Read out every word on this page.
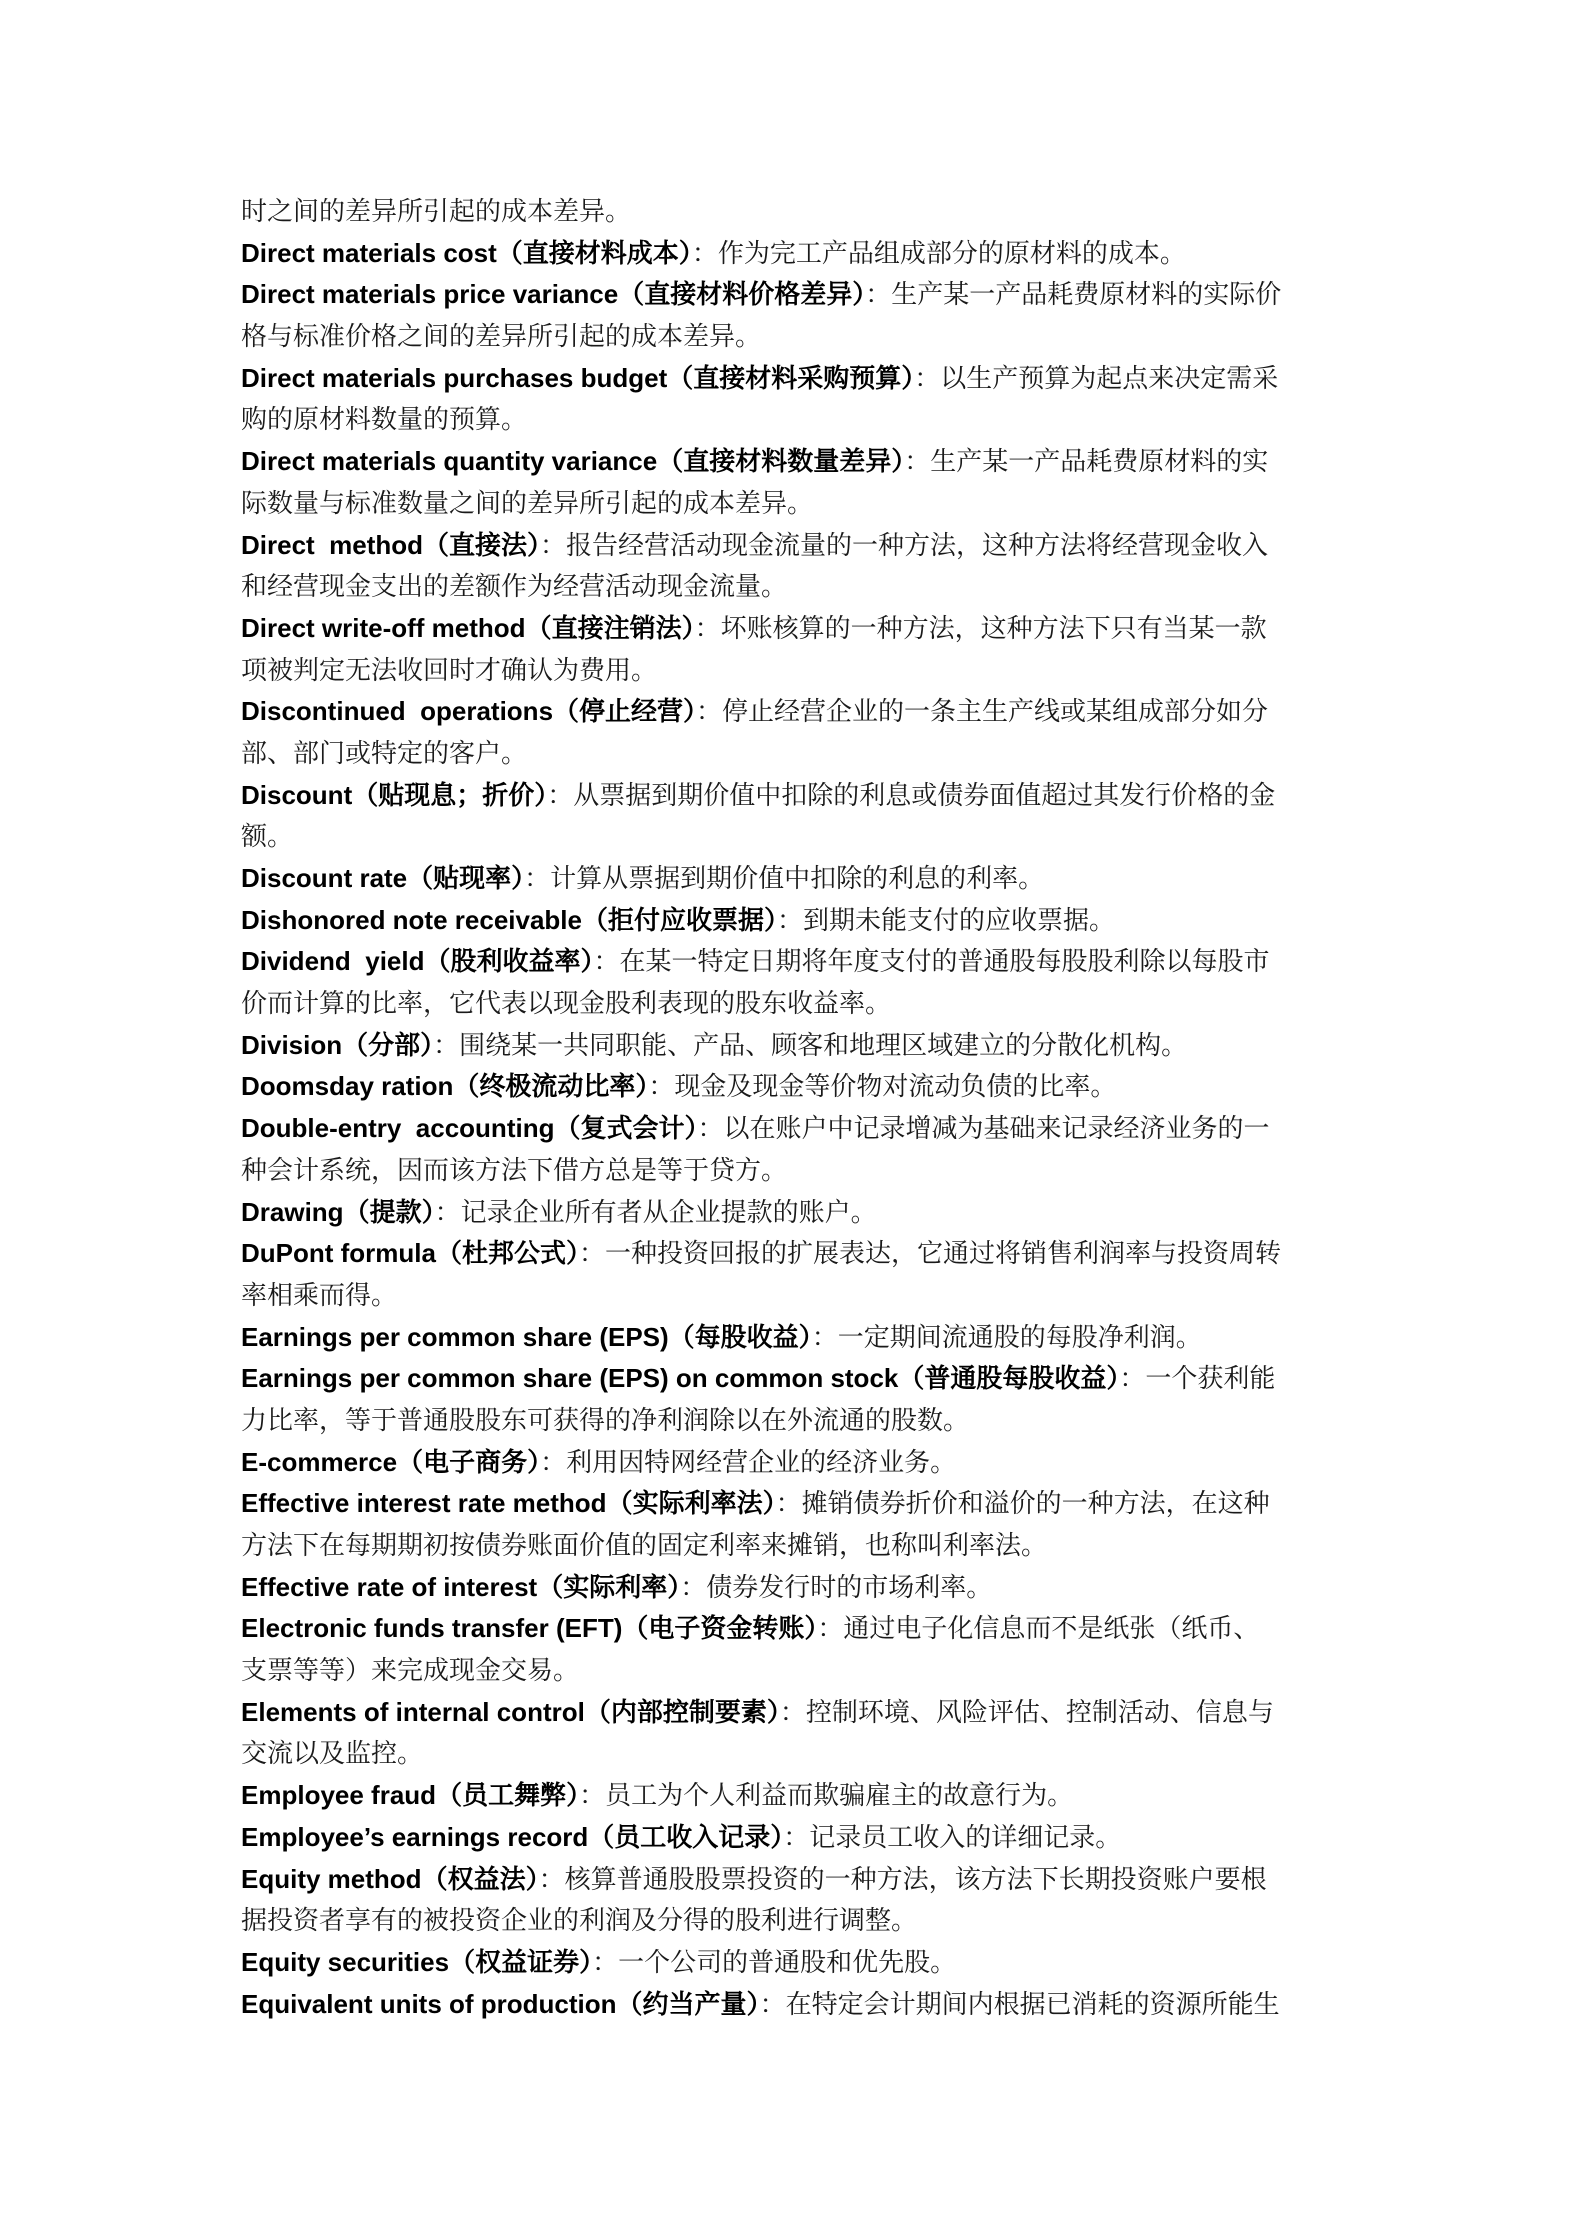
时之间的差异所引起的成本差异。
Direct materials cost（直接材料成本）：作为完工产品组成部分的原材料的成本。
Direct materials price variance（直接材料价格差异）：生产某一产品耗费原材料的实际价
格与标准价格之间的差异所引起的成本差异。
Direct materials purchases budget（直接材料采购预算）：以生产预算为起点来决定需采
购的原材料数量的预算。
Direct materials quantity variance（直接材料数量差异）：生产某一产品耗费原材料的实
际数量与标准数量之间的差异所引起的成本差异。
Direct  method（直接法）：报告经营活动现金流量的一种方法，这种方法将经营现金收入
和经营现金支出的差额作为经营活动现金流量。
Direct write-off method（直接注销法）：坏账核算的一种方法，这种方法下只有当某一款
项被判定无法收回时才确认为费用。
Discontinued  operations（停止经营）：停止经营企业的一条主生产线或某组成部分如分
部、部门或特定的客户。
Discount（贴现息；折价）：从票据到期价值中扣除的利息或债券面值超过其发行价格的金
额。
Discount rate（贴现率）：计算从票据到期价值中扣除的利息的利率。
Dishonored note receivable（拒付应收票据）：到期未能支付的应收票据。
Dividend  yield（股利收益率）：在某一特定日期将年度支付的普通股每股股利除以每股市
价而计算的比率，它代表以现金股利表现的股东收益率。
Division（分部）：围绕某一共同职能、产品、顾客和地理区域建立的分散化机构。
Doomsday ration（终极流动比率）：现金及现金等价物对流动负债的比率。
Double-entry  accounting（复式会计）：以在账户中记录增减为基础来记录经济业务的一
种会计系统，因而该方法下借方总是等于贷方。
Drawing（提款）：记录企业所有者从企业提款的账户。
DuPont formula（杜邦公式）：一种投资回报的扩展表达，它通过将销售利润率与投资周转
率相乘而得。
Earnings per common share (EPS)（每股收益）：一定期间流通股的每股净利润。
Earnings per common share (EPS) on common stock（普通股每股收益）：一个获利能
力比率，等于普通股股东可获得的净利润除以在外流通的股数。
E-commerce（电子商务）：利用因特网经营企业的经济业务。
Effective interest rate method（实际利率法）：摊销债券折价和溢价的一种方法，在这种
方法下在每期期初按债券账面价值的固定利率来摊销，也称叫利率法。
Effective rate of interest（实际利率）：债券发行时的市场利率。
Electronic funds transfer (EFT)（电子资金转账）：通过电子化信息而不是纸张（纸币、
支票等等）来完成现金交易。
Elements of internal control（内部控制要素）：控制环境、风险评估、控制活动、信息与
交流以及监控。
Employee fraud（员工舞弊）：员工为个人利益而欺骗雇主的故意行为。
Employee’s earnings record（员工收入记录）：记录员工收入的详细记录。
Equity method（权益法）：核算普通股股票投资的一种方法，该方法下长期投资账户要根
据投资者享有的被投资企业的利润及分得的股利进行调整。
Equity securities（权益证券）：一个公司的普通股和优先股。
Equivalent units of production（约当产量）：在特定会计期间内根据已消耗的资源所能生
